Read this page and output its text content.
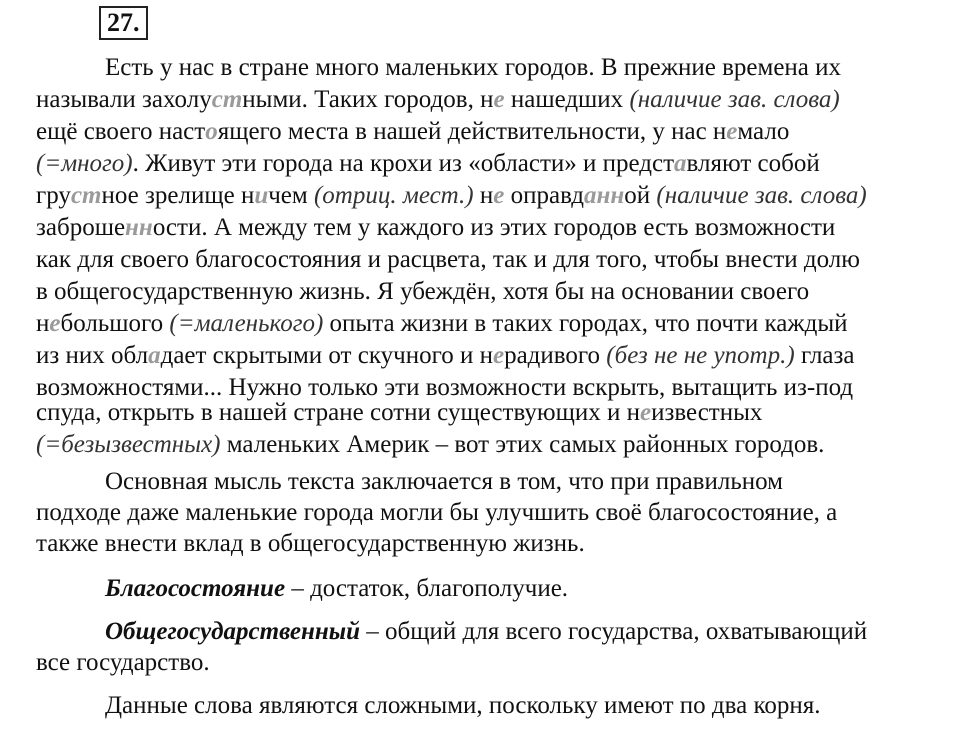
27.
Есть у нас в стране много маленьких городов. В прежние времена их
называли захолустными. Таких городов, не нашедших (наличие зав. слова)
ещё своего настоящего места в нашей действительности, у нас немало
(=много). Живут эти города на крохи из «области» и представляют собой
грустное зрелище ничем (отриц. мест.) не оправданной (наличие зав. слова)
заброшенности. А между тем у каждого из этих городов есть возможности
как для своего благосостояния и расцвета, так и для того, чтобы внести долю
в общегосударственную жизнь. Я убеждён, хотя бы на основании своего
небольшого (=маленького) опыта жизни в таких городах, что почти каждый
из них обладает скрытыми от скучного и нерадивого (без не не употр.) глаза
возможностями... Нужно только эти возможности вскрыть, вытащить из-под
спуда, открыть в нашей стране сотни существующих и неизвестных
(=безызвестных) маленьких Америк – вот этих самых районных городов.
Основная мысль текста заключается в том, что при правильном
подходе даже маленькие города могли бы улучшить своё благосостояние, а
также внести вклад в общегосударственную жизнь.
Благосостояние – достаток, благополучие.
Общегосударственный – общий для всего государства, охватывающий
все государство.
Данные слова являются сложными, поскольку имеют по два корня.
